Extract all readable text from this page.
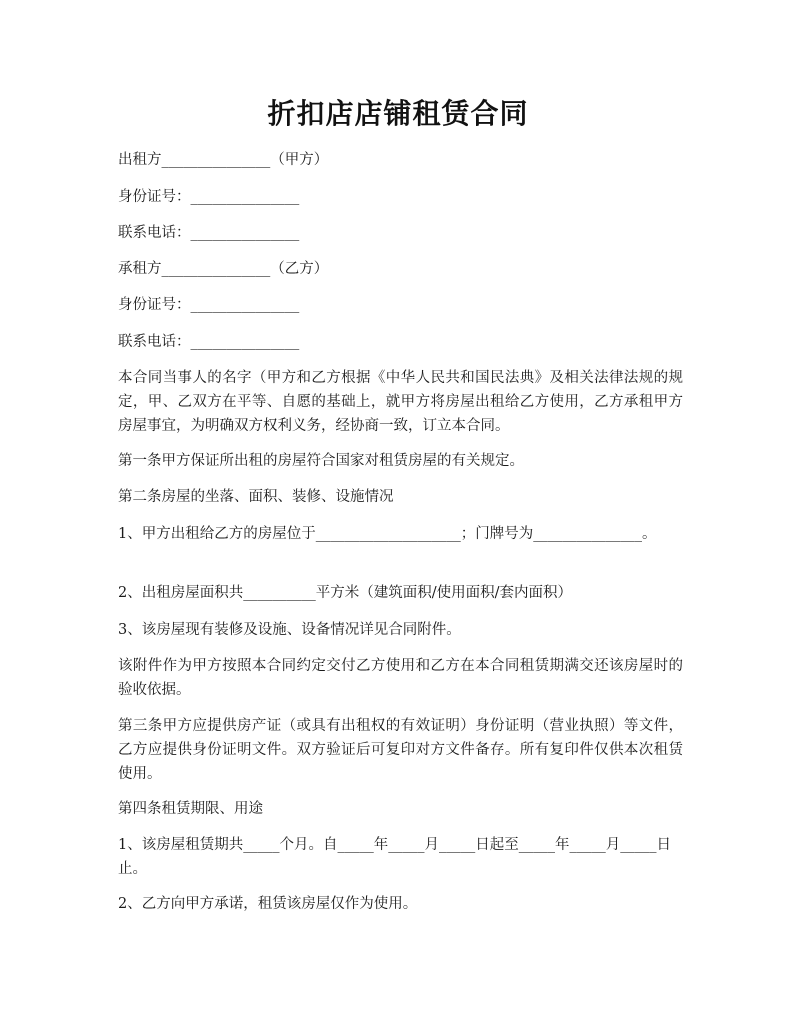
折扣店店铺租赁合同
出租方_______________（甲方）
身份证号：_______________
联系电话：_______________
承租方_______________（乙方）
身份证号：_______________
联系电话：_______________
本合同当事人的名字（甲方和乙方根据《中华人民共和国民法典》及相关法律法规的规定，甲、乙双方在平等、自愿的基础上，就甲方将房屋出租给乙方使用，乙方承租甲方房屋事宜，为明确双方权利义务，经协商一致，订立本合同。
第一条甲方保证所出租的房屋符合国家对租赁房屋的有关规定。
第二条房屋的坐落、面积、装修、设施情况
1、甲方出租给乙方的房屋位于____________________；门牌号为_______________。
2、出租房屋面积共__________平方米（建筑面积/使用面积/套内面积）
3、该房屋现有装修及设施、设备情况详见合同附件。
该附件作为甲方按照本合同约定交付乙方使用和乙方在本合同租赁期满交还该房屋时的验收依据。
第三条甲方应提供房产证（或具有出租权的有效证明）身份证明（营业执照）等文件，乙方应提供身份证明文件。双方验证后可复印对方文件备存。所有复印件仅供本次租赁使用。
第四条租赁期限、用途
1、该房屋租赁期共_____个月。自_____年_____月_____日起至_____年_____月_____日止。
2、乙方向甲方承诺，租赁该房屋仅作为使用。
